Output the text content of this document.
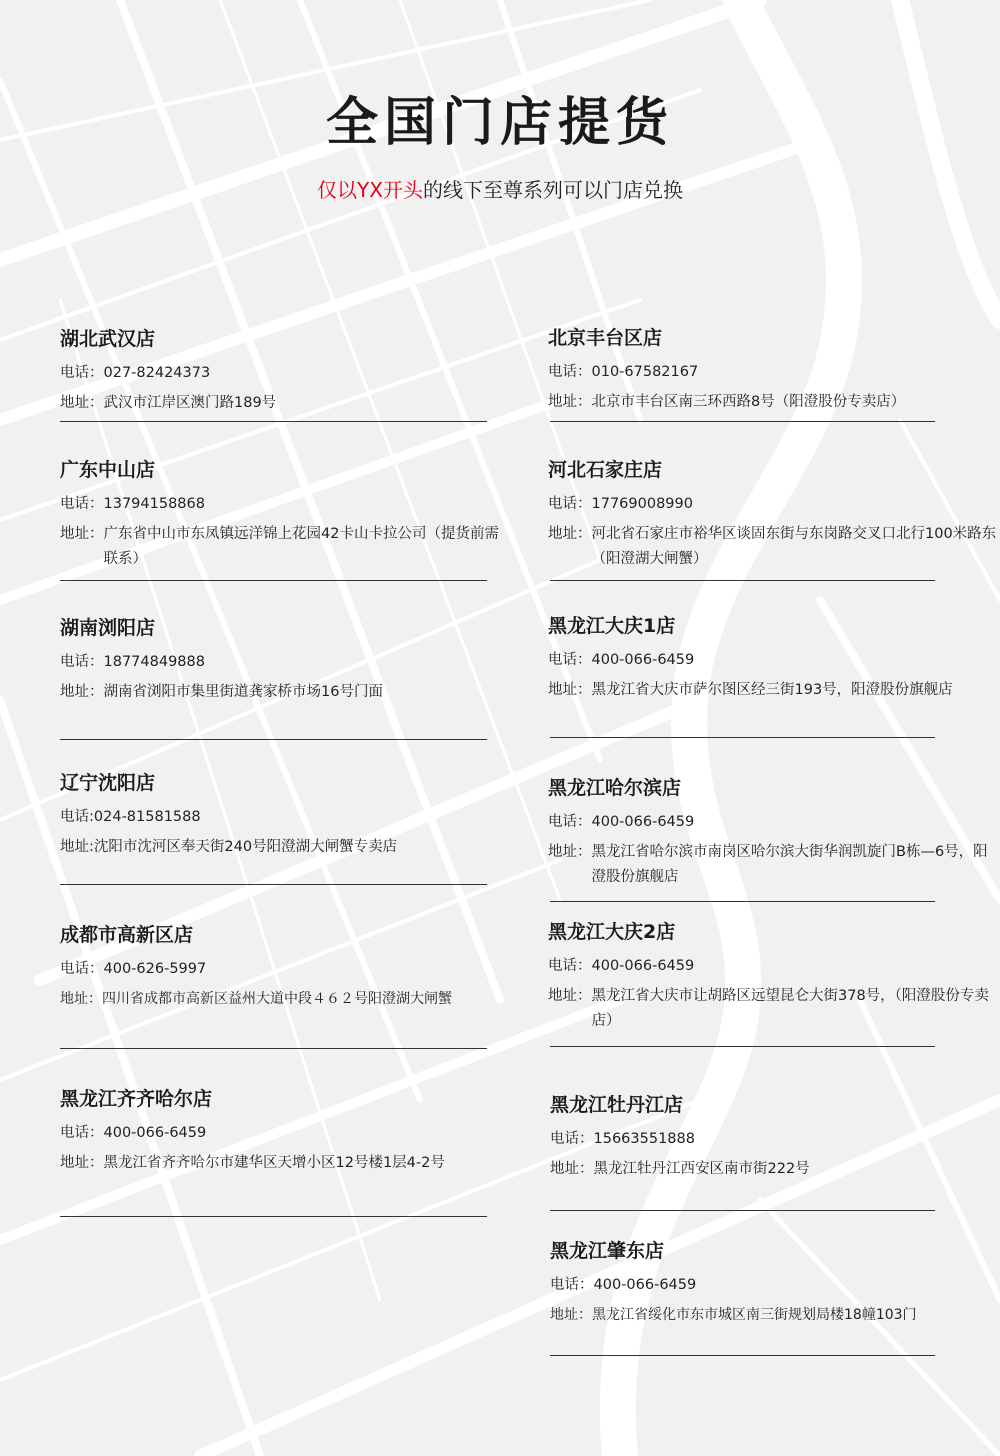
全国门店提货
仅以YX开头的线下至尊系列可以门店兑换
湖北武汉店
电话： 027-82424373
地址： 武汉市江岸区澳门路189号
广东中山店
电话： 13794158868
地址： 广东省中山市东凤镇远洋锦上花园42卡山卡拉公司（提货前需联系）
湖南浏阳店
电话： 18774849888
地址： 湖南省浏阳市集里街道龚家桥市场16号门面
辽宁沈阳店
电话: 024-81581588
地址: 沈阳市沈河区奉天街240号阳澄湖大闸蟹专卖店
成都市高新区店
电话： 400-626-5997
地址： 四川省成都市高新区益州大道中段４６２号阳澄湖大闸蟹
黑龙江齐齐哈尔店
电话： 400-066-6459
地址： 黑龙江省齐齐哈尔市建华区天增小区12号楼1层4-2号
北京丰台区店
电话： 010-67582167
地址： 北京市丰台区南三环西路8号（阳澄股份专卖店）
河北石家庄店
电话： 17769008990
地址： 河北省石家庄市裕华区谈固东街与东岗路交叉口北行100米路东（阳澄湖大闸蟹）
黑龙江大庆1店
电话： 400-066-6459
地址： 黑龙江省大庆市萨尔图区经三街193号，阳澄股份旗舰店
黑龙江哈尔滨店
电话： 400-066-6459
地址： 黑龙江省哈尔滨市南岗区哈尔滨大街华润凯旋门B栋—6号，阳澄股份旗舰店
黑龙江大庆2店
电话： 400-066-6459
地址： 黑龙江省大庆市让胡路区远望昆仑大街378号，（阳澄股份专卖店）
黑龙江牡丹江店
电话： 15663551888
地址： 黑龙江牡丹江西安区南市街222号
黑龙江肇东店
电话： 400-066-6459
地址： 黑龙江省绥化市东市城区南三街规划局楼18幢103门
